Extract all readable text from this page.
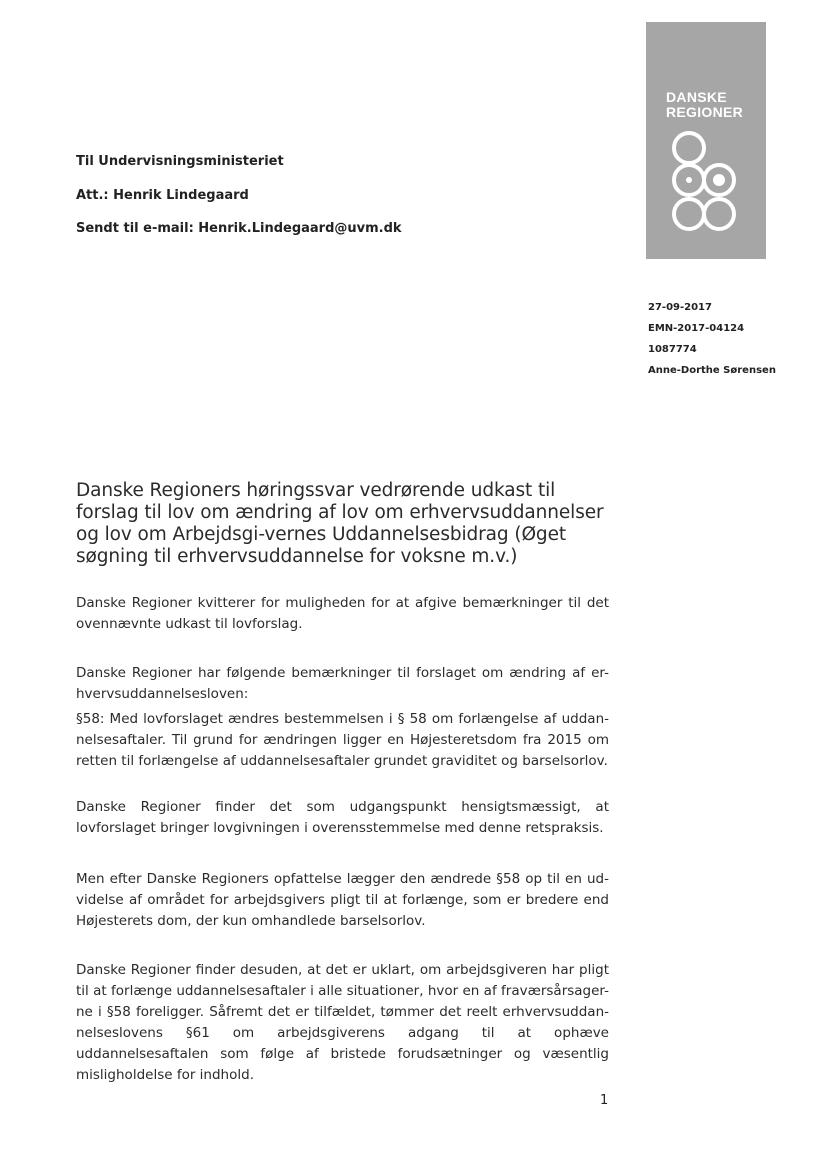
Til Undervisningsministeriet
Att.: Henrik Lindegaard
Sendt til e-mail: Henrik.Lindegaard@uvm.dk
DANSKE
REGIONER
27-09-2017
EMN-2017-04124
1087774
Anne-Dorthe Sørensen
Danske Regioners høringssvar vedrørende udkast til forslag til lov om ændring af lov om erhvervsuddannelser og lov om Arbejdsgi-vernes Uddannelsesbidrag (Øget søgning til erhvervsuddannelse for voksne m.v.)
Danske Regioner kvitterer for muligheden for at afgive bemærkninger til det ovennævnte udkast til lovforslag.
Danske Regioner har følgende bemærkninger til forslaget om ændring af er-hvervsuddannelsesloven:
§58: Med lovforslaget ændres bestemmelsen i § 58 om forlængelse af uddan-nelsesaftaler. Til grund for ændringen ligger en Højesteretsdom fra 2015 om retten til forlængelse af uddannelsesaftaler grundet graviditet og barselsorlov.
Danske Regioner finder det som udgangspunkt hensigtsmæssigt, at lovforslaget bringer lovgivningen i overensstemmelse med denne retspraksis.
Men efter Danske Regioners opfattelse lægger den ændrede §58 op til en ud-videlse af området for arbejdsgivers pligt til at forlænge, som er bredere end Højesterets dom, der kun omhandlede barselsorlov.
Danske Regioner finder desuden, at det er uklart, om arbejdsgiveren har pligt til at forlænge uddannelsesaftaler i alle situationer, hvor en af fraværsårsager-ne i §58 foreligger. Såfremt det er tilfældet, tømmer det reelt erhvervsuddan-nelseslovens §61 om arbejdsgiverens adgang til at ophæve uddannelsesaftalen som følge af bristede forudsætninger og væsentlig misligholdelse for indhold.
1
